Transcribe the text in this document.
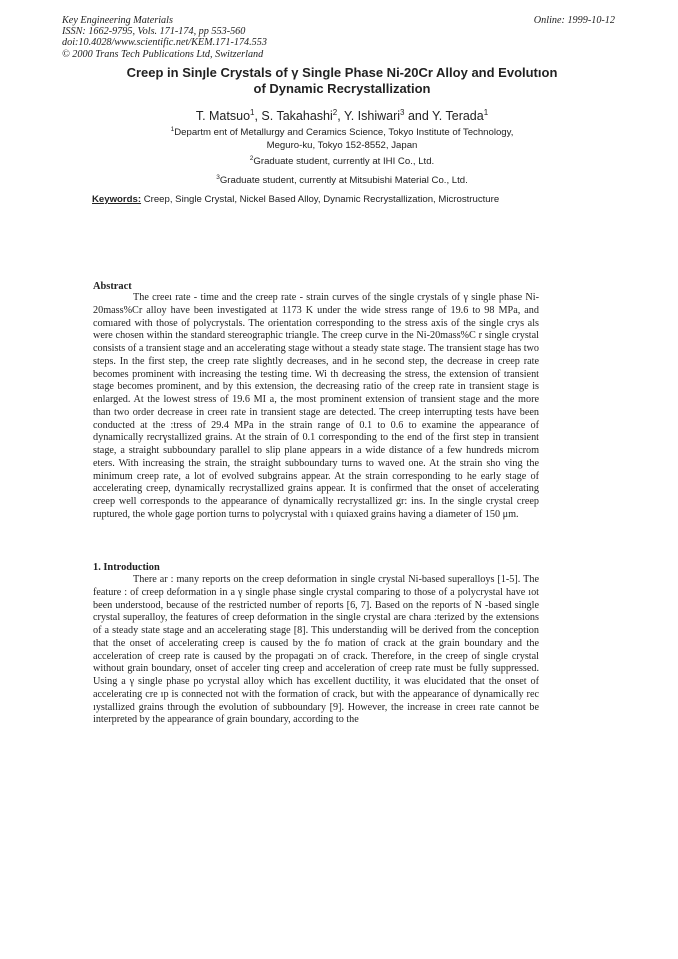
Key Engineering Materials
ISSN: 1662-9795, Vols. 171-174, pp 553-560
doi:10.4028/www.scientific.net/KEM.171-174.553
© 2000 Trans Tech Publications Ltd, Switzerland
Online: 1999-10-12
Creep in Sinȷle Crystals of γ Single Phase Ni-20Cr Alloy and Evolutıon
of Dynamic Recrystallization
T. Matsuo$^1$, S. Takahashi$^2$, Y. Ishiwari$^3$ and Y. Terada$^1$
$^1$Departm ent of Metallurgy and Ceramics Science, Tokyo Institute of Technology,
Meguro-ku, Tokyo 152-8552, Japan
$^2$Graduate student, currently at IHI Co., Ltd.
$^3$Graduate student, currently at Mitsubishi Material Co., Ltd.
Keywords: Creep, Single Crystal, Nickel Based Alloy, Dynamic Recrystallization, Microstructure
Abstract

The creeı rate - time and the creep rate - strain curves of the single crystals of γ single phase Ni-20mass%Cr alloy have been investigated at 1173 K under the wide stress range of 19.6 to 98 MPa, and comıared with those of polycrystals. The orientation corresponding to the stress axis of the single crys als were chosen within the standard stereographic triangle. The creep curve in the Ni-20mass%C r single crystal consists of a transient stage and an accelerating stage without a steady state stage. The transient stage has two steps. In the first step, the creep rate slightly decreases, and in he second step, the decrease in creep rate becomes prominent with increasing the testing time. Wi th decreasing the stress, the extension of transient stage becomes prominent, and by this extension, the decreasing ratio of the creep rate in transient stage is enlarged. At the lowest stress of 19.6 MI a, the most prominent extension of transient stage and the more than two order decrease in creeı rate in transient stage are detected. The creep interrupting tests have been conducted at the :tress of 29.4 MPa in the strain range of 0.1 to 0.6 to examine the appearance of dynamically recrɣstallized grains. At the strain of 0.1 corresponding to the end of the first step in transient stage, a straight subboundary parallel to slip plane appears in a wide distance of a few hundreds microm eters. With increasing the strain, the straight subboundary turns to waved one. At the strain sho ving the minimum creep rate, a lot of evolved subgrains appear. At the strain corresponding to he early stage of accelerating creep, dynamically recrystallized grains appear. It is confirmed that the onset of accelerating creep well corresponds to the appearance of dynamically recrystallized gr: ins. In the single crystal creep ruptured, the whole gage portion turns to polycrystal with ı quiaxed grains having a diameter of 150 μm.

1. Introduction

There ar : many reports on the creep deformation in single crystal Ni-based superalloys [1-5]. The feature : of creep deformation in a γ single phase single crystal comparing to those of a polycrystal have ıot been understood, because of the restricted number of reports [6, 7]. Based on the reports of N -based single crystal superalloy, the features of creep deformation in the single crystal are chara :terized by the extensions of a steady state stage and an accelerating stage [8]. This understandiıg will be derived from the conception that the onset of accelerating creep is caused by the fo mation of crack at the grain boundary and the acceleration of creep rate is caused by the propagati ɔn of crack. Therefore, in the creep of single crystal without grain boundary, onset of acceler ting creep and acceleration of creep rate must be fully suppressed. Using a γ single phase po ycrystal alloy which has excellent ductility, it was elucidated that the onset of accelerating cre ıp is connected not with the formation of crack, but with the appearance of dynamically rec ıystallized grains through the evolution of subboundary [9]. However, the increase in creeı rate cannot be interpreted by the appearance of grain boundary, according to the
